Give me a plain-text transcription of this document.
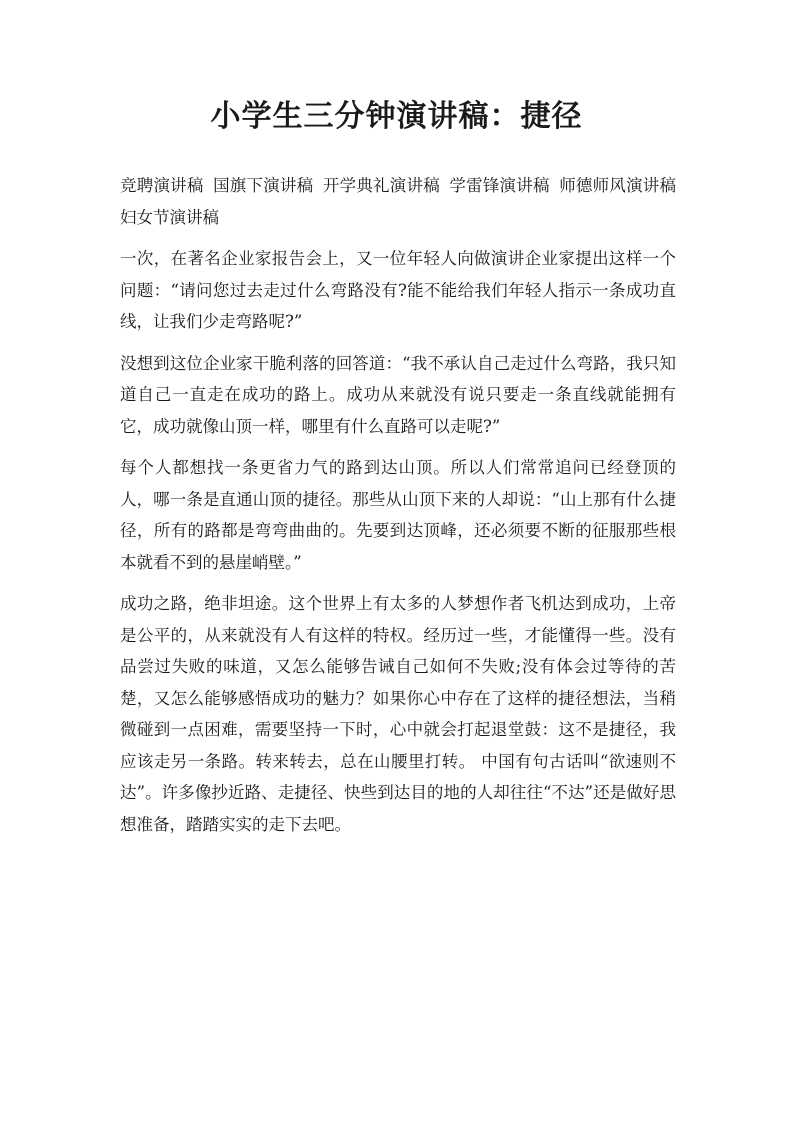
小学生三分钟演讲稿：捷径
竞聘演讲稿 国旗下演讲稿 开学典礼演讲稿 学雷锋演讲稿 师德师风演讲稿 妇女节演讲稿

一次，在著名企业家报告会上，又一位年轻人向做演讲企业家提出这样一个问题：“请问您过去走过什么弯路没有?能不能给我们年轻人指示一条成功直线，让我们少走弯路呢?”

没想到这位企业家干脆利落的回答道：“我不承认自己走过什么弯路，我只知道自己一直走在成功的路上。成功从来就没有说只要走一条直线就能拥有它，成功就像山顶一样，哪里有什么直路可以走呢?”

每个人都想找一条更省力气的路到达山顶。所以人们常常追问已经登顶的人，哪一条是直通山顶的捷径。那些从山顶下来的人却说：“山上那有什么捷径，所有的路都是弯弯曲曲的。先要到达顶峰，还必须要不断的征服那些根本就看不到的悬崖峭壁。”

成功之路，绝非坦途。这个世界上有太多的人梦想作者飞机达到成功，上帝是公平的，从来就没有人有这样的特权。经历过一些，才能懂得一些。没有品尝过失败的味道，又怎么能够告诫自己如何不失败;没有体会过等待的苦楚，又怎么能够感悟成功的魅力？如果你心中存在了这样的捷径想法，当稍微碰到一点困难，需要坚持一下时，心中就会打起退堂鼓：这不是捷径，我应该走另一条路。转来转去，总在山腰里打转。 中国有句古话叫“欲速则不达”。许多像抄近路、走捷径、快些到达目的地的人却往往“不达”还是做好思想准备，踏踏实实的走下去吧。
